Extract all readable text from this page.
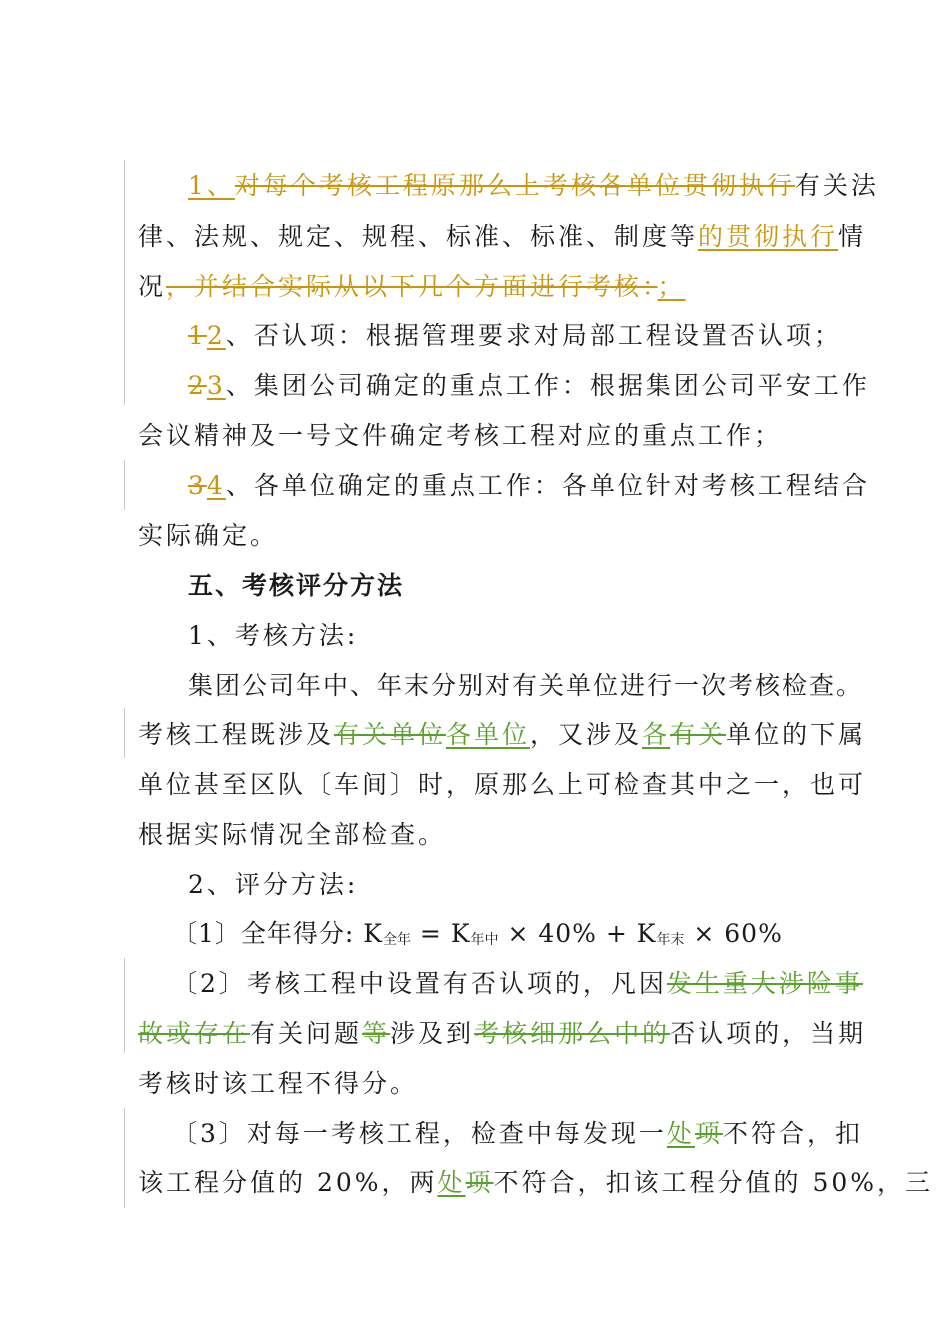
1、对每个考核工程原那么上考核各单位贯彻执行有关法
律、法规、规定、规程、标准、标准、制度等的贯彻执行情
况，并结合实际从以下几个方面进行考核：；
12、否认项：根据管理要求对局部工程设置否认项；
23、集团公司确定的重点工作：根据集团公司平安工作
会议精神及一号文件确定考核工程对应的重点工作；
34、各单位确定的重点工作：各单位针对考核工程结合
实际确定。
五、考核评分方法
1、考核方法:
集团公司年中、年末分别对有关单位进行一次考核检查。
考核工程既涉及有关单位各单位，又涉及各有关单位的下属
单位甚至区队〔车间〕时，原那么上可检查其中之一，也可
根据实际情况全部检查。
2、评分方法:
〔1〕全年得分: K全年 = K年中 × 40% + K年末 × 60%
〔2〕考核工程中设置有否认项的，凡因发生重大涉险事
故或存在有关问题等涉及到考核细那么中的否认项的，当期
考核时该工程不得分。
〔3〕对每一考核工程，检查中每发现一处项不符合，扣
该工程分值的 20%，两处项不符合，扣该工程分值的 50%，三
